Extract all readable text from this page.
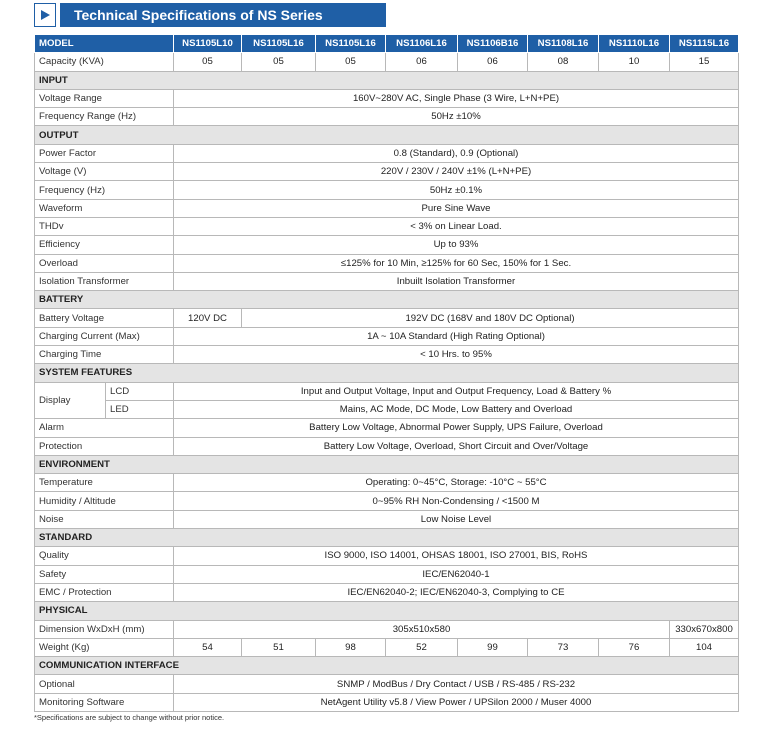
Technical Specifications of NS Series
MODEL		NS1105L10	NS1105L16	NS1105L16	NS1106L16	NS1106B16	NS1108L16	NS1110L16	NS1115L16
Capacity (KVA)		05	05	05	06	06	08	10	15
INPUT									
Voltage Range		160V~280V AC, Single Phase (3 Wire, L+N+PE)							
Frequency Range (Hz)		50Hz ±10%							
OUTPUT									
Power Factor		0.8 (Standard), 0.9 (Optional)							
Voltage (V)		220V / 230V / 240V ±1% (L+N+PE)							
Frequency (Hz)		50Hz ±0.1%							
Waveform		Pure Sine Wave							
THDv		< 3% on Linear Load.							
Efficiency		Up to 93%							
Overload		≤125% for 10 Min, ≥125% for 60 Sec, 150% for 1 Sec.							
Isolation Transformer		Inbuilt Isolation Transformer							
BATTERY									
Battery Voltage		120V DC	192V DC (168V and 180V DC Optional)						
Charging Current (Max)		1A ~ 10A Standard (High Rating Optional)							
Charging Time		< 10 Hrs. to 95%							
SYSTEM FEATURES									
Display	LCD	Input and Output Voltage, Input and Output Frequency, Load & Battery %							
	LED	Mains, AC Mode, DC Mode, Low Battery and Overload							
Alarm		Battery Low Voltage, Abnormal Power Supply, UPS Failure, Overload							
Protection		Battery Low Voltage, Overload, Short Circuit and Over/Voltage							
ENVIRONMENT									
Temperature		Operating: 0~45°C, Storage: -10°C ~ 55°C							
Humidity / Altitude		0~95% RH Non-Condensing / <1500 M							
Noise		Low Noise Level							
STANDARD									
Quality		ISO 9000, ISO 14001, OHSAS 18001, ISO 27001, BIS, RoHS							
Safety		IEC/EN62040-1							
EMC / Protection		IEC/EN62040-2; IEC/EN62040-3, Complying to CE							
PHYSICAL									
Dimension WxDxH (mm)		305x510x580							330x670x800
Weight (Kg)		54	51	98	52	99	73	76	104
COMMUNICATION INTERFACE									
Optional		SNMP / ModBus / Dry Contact / USB / RS-485 / RS-232							
Monitoring Software		NetAgent Utility v5.8 / View Power / UPSilon 2000 / Muser 4000							
*Specifications are subject to change without prior notice.
